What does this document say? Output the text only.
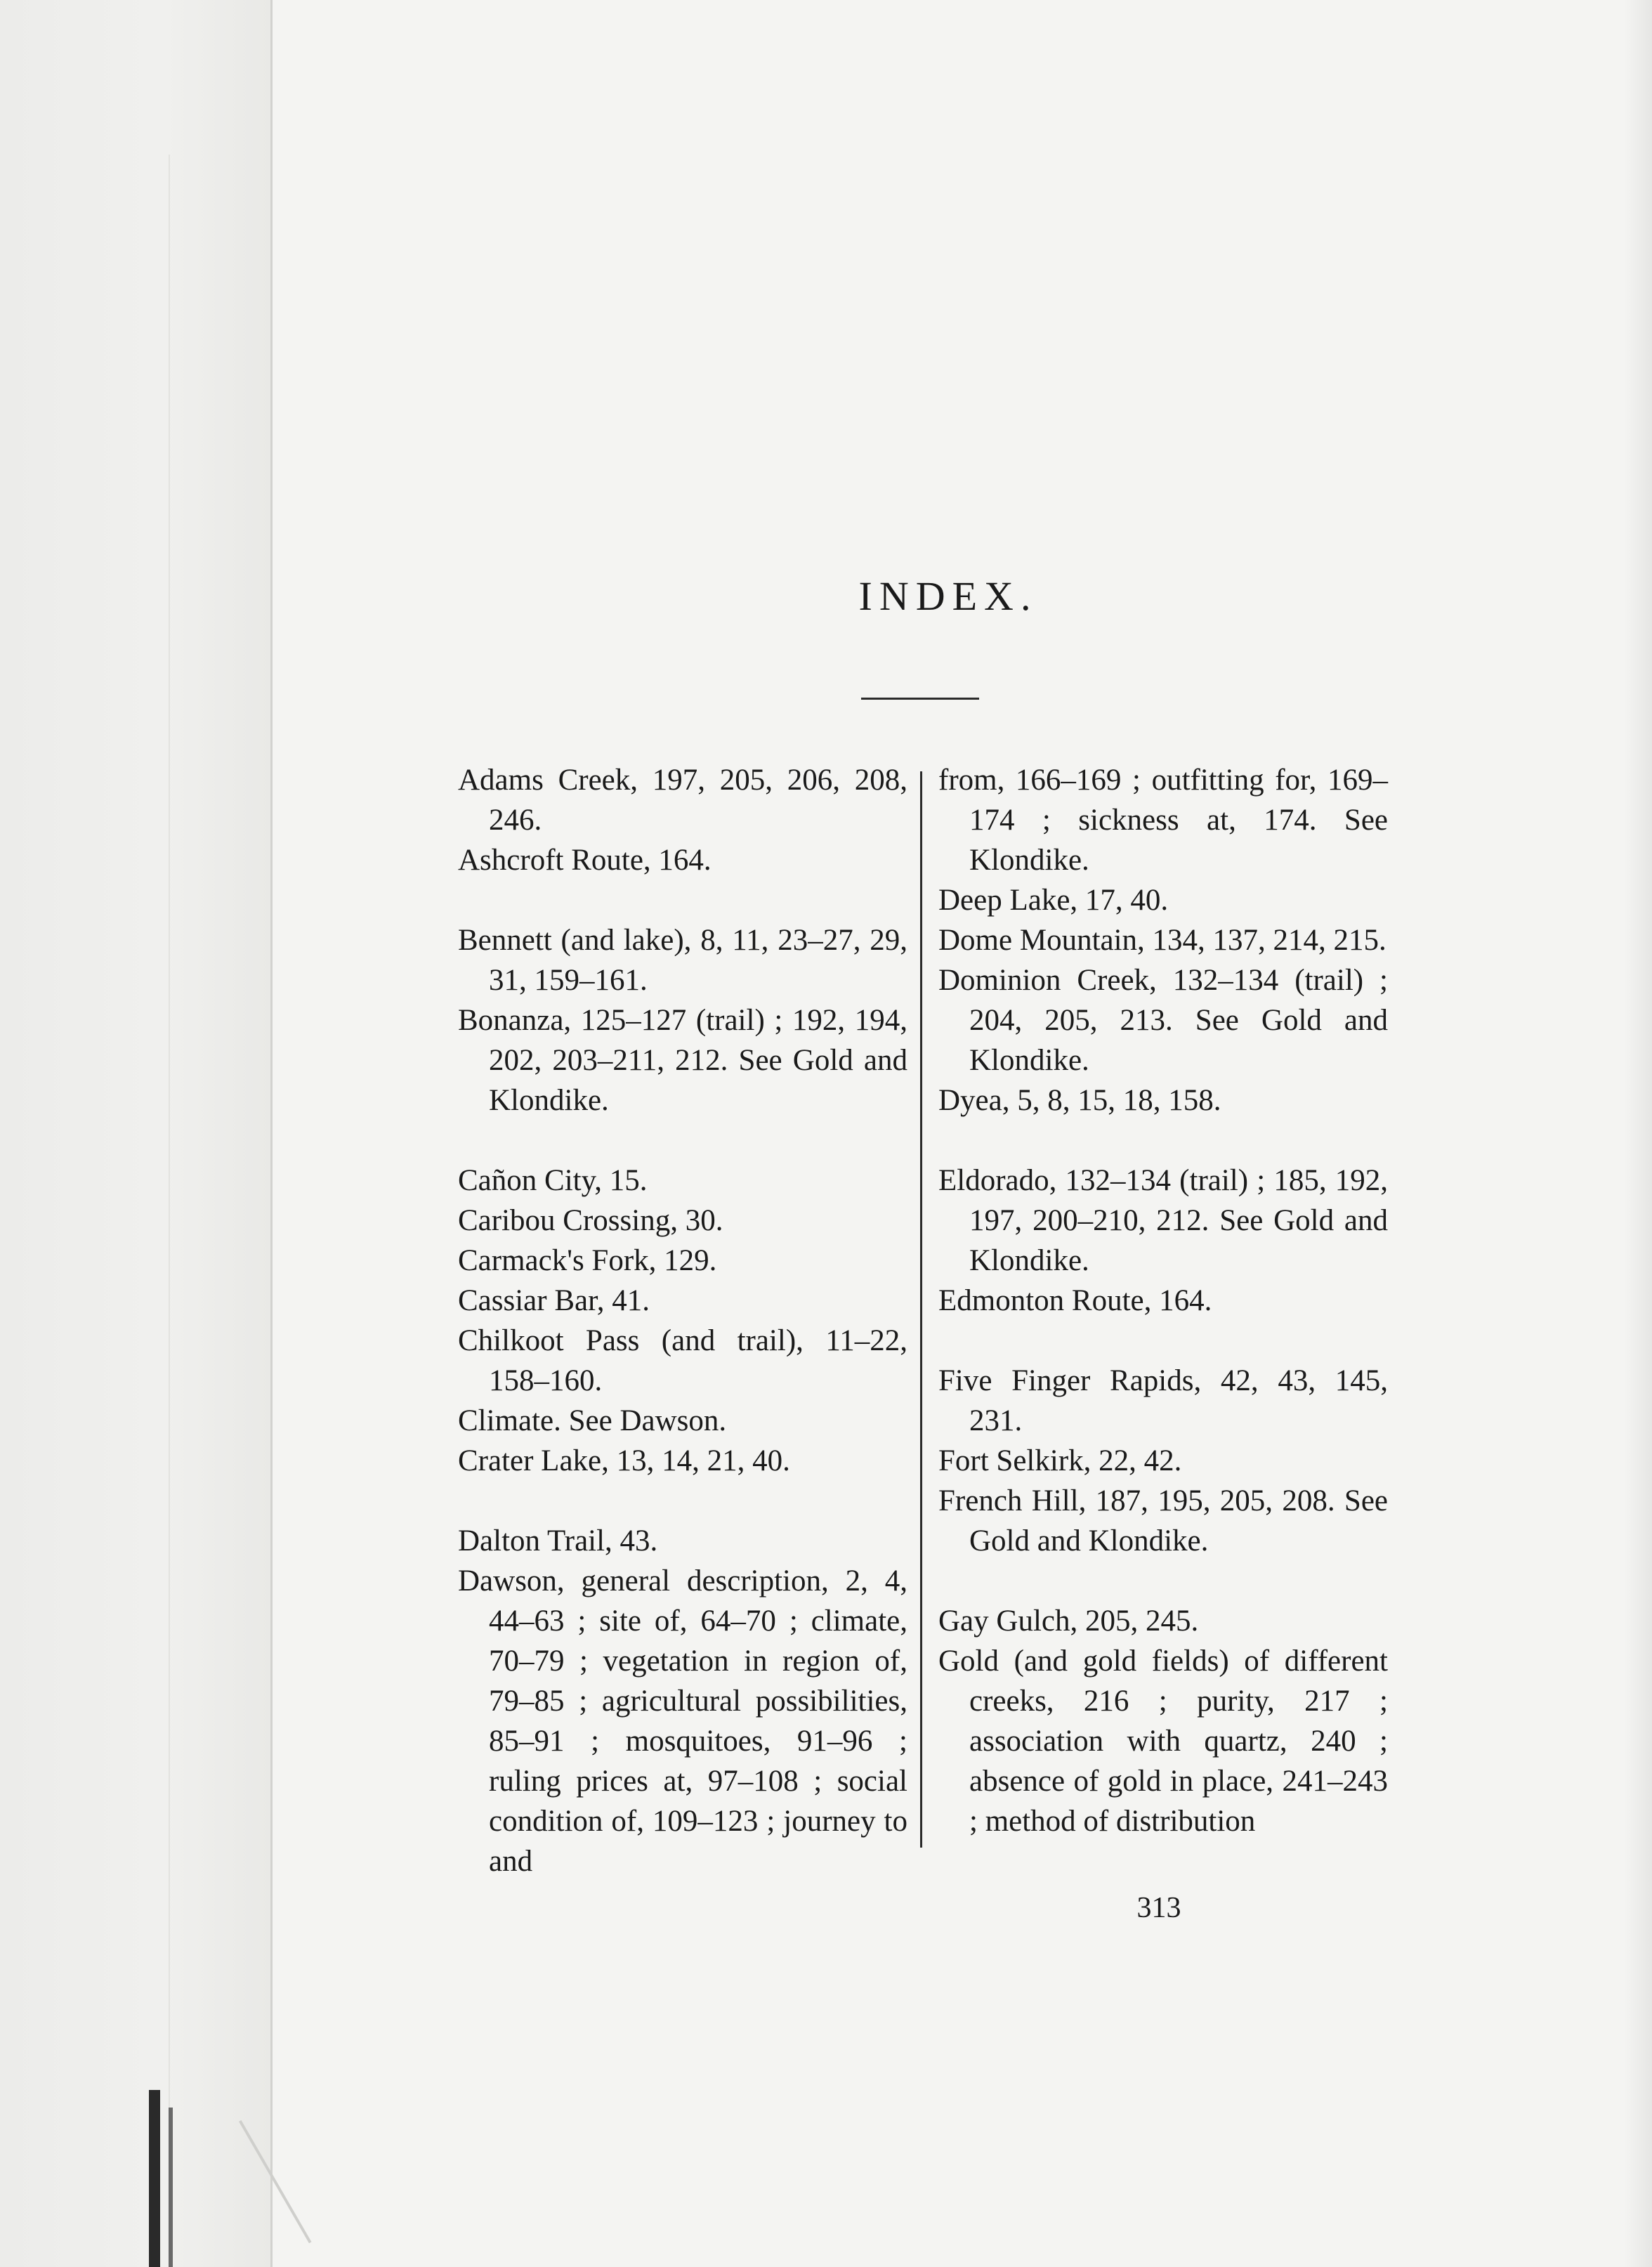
INDEX.
Adams Creek, 197, 205, 206, 208, 246.
Ashcroft Route, 164.
Bennett (and lake), 8, 11, 23–27, 29, 31, 159–161.
Bonanza, 125–127 (trail) ; 192, 194, 202, 203–211, 212. See Gold and Klondike.
Cañon City, 15.
Caribou Crossing, 30.
Carmack's Fork, 129.
Cassiar Bar, 41.
Chilkoot Pass (and trail), 11–22, 158–160.
Climate. See Dawson.
Crater Lake, 13, 14, 21, 40.
Dalton Trail, 43.
Dawson, general description, 2, 4, 44–63 ; site of, 64–70 ; climate, 70–79 ; vegetation in region of, 79–85 ; agricultural possibilities, 85–91 ; mosquitoes, 91–96 ; ruling prices at, 97–108 ; social condition of, 109–123 ; journey to and
from, 166–169 ; outfitting for, 169–174 ; sickness at, 174. See Klondike.
Deep Lake, 17, 40.
Dome Mountain, 134, 137, 214, 215.
Dominion Creek, 132–134 (trail) ; 204, 205, 213. See Gold and Klondike.
Dyea, 5, 8, 15, 18, 158.
Eldorado, 132–134 (trail) ; 185, 192, 197, 200–210, 212. See Gold and Klondike.
Edmonton Route, 164.
Five Finger Rapids, 42, 43, 145, 231.
Fort Selkirk, 22, 42.
French Hill, 187, 195, 205, 208. See Gold and Klondike.
Gay Gulch, 205, 245.
Gold (and gold fields) of different creeks, 216 ; purity, 217 ; association with quartz, 240 ; absence of gold in place, 241–243 ; method of distribution
313
